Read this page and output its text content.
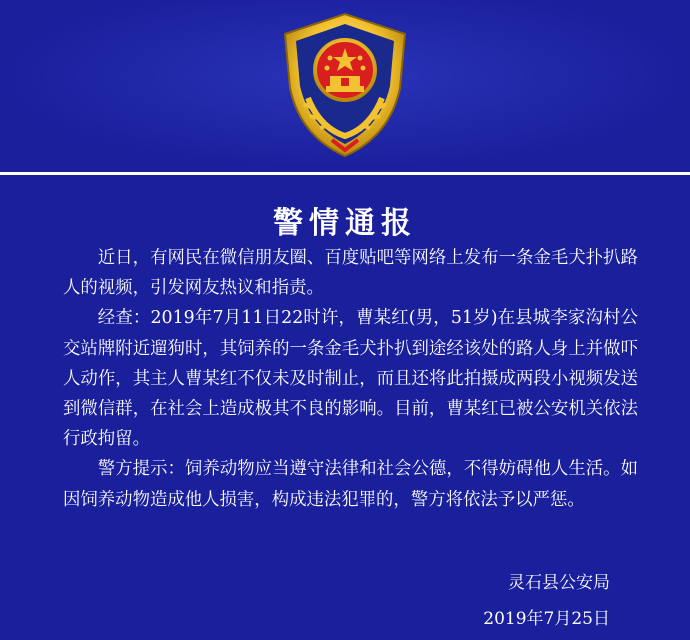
警情通报

近日，有网民在微信朋友圈、百度贴吧等网络上发布一条金毛犬扑扒路人的视频，引发网友热议和指责。

经查：2019年7月11日22时许，曹某红(男，51岁)在县城李家沟村公交站牌附近遛狗时，其饲养的一条金毛犬扑扒到途经该处的路人身上并做吓人动作，其主人曹某红不仅未及时制止，而且还将此拍摄成两段小视频发送到微信群，在社会上造成极其不良的影响。目前，曹某红已被公安机关依法行政拘留。

警方提示：饲养动物应当遵守法律和社会公德，不得妨碍他人生活。如因饲养动物造成他人损害，构成违法犯罪的，警方将依法予以严惩。

灵石县公安局
2019年7月25日
